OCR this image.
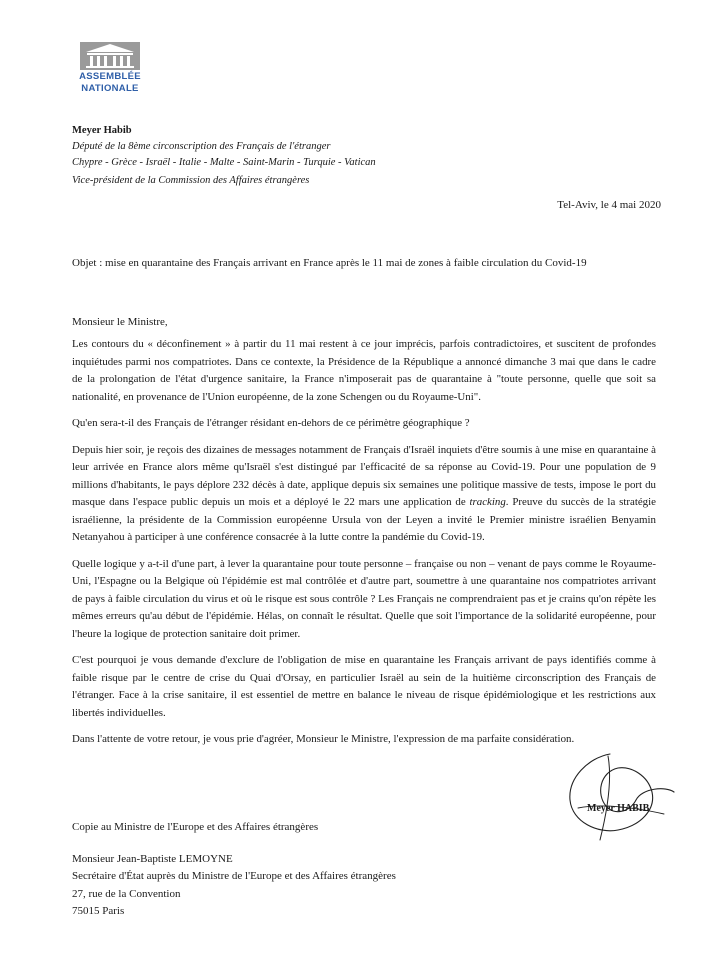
ASSEMBLÉE
NATIONALE
Meyer Habib
Député de la 8ème circonscription des Français de l'étranger
Chypre - Grèce - Israël - Italie - Malte - Saint-Marin - Turquie - Vatican
Vice-président de la Commission des Affaires étrangères
Tel-Aviv, le 4 mai 2020
Objet : mise en quarantaine des Français arrivant en France après le 11 mai de zones à faible circulation du Covid-19
Monsieur le Ministre,

Les contours du « déconfinement » à partir du 11 mai restent à ce jour imprécis, parfois contradictoires, et suscitent de profondes inquiétudes parmi nos compatriotes. Dans ce contexte, la Présidence de la République a annoncé dimanche 3 mai que dans le cadre de la prolongation de l'état d'urgence sanitaire, la France n'imposerait pas de quarantaine à "toute personne, quelle que soit sa nationalité, en provenance de l'Union européenne, de la zone Schengen ou du Royaume-Uni".

Qu'en sera-t-il des Français de l'étranger résidant en-dehors de ce périmètre géographique ?

Depuis hier soir, je reçois des dizaines de messages notamment de Français d'Israël inquiets d'être soumis à une mise en quarantaine à leur arrivée en France alors même qu'Israël s'est distingué par l'efficacité de sa réponse au Covid-19. Pour une population de 9 millions d'habitants, le pays déplore 232 décès à date, applique depuis six semaines une politique massive de tests, impose le port du masque dans l'espace public depuis un mois et a déployé le 22 mars une application de tracking. Preuve du succès de la stratégie israélienne, la présidente de la Commission européenne Ursula von der Leyen a invité le Premier ministre israélien Benyamin Netanyahou à participer à une conférence consacrée à la lutte contre la pandémie du Covid-19.

Quelle logique y a-t-il d'une part, à lever la quarantaine pour toute personne – française ou non – venant de pays comme le Royaume-Uni, l'Espagne ou la Belgique où l'épidémie est mal contrôlée et d'autre part, soumettre à une quarantaine nos compatriotes arrivant de pays à faible circulation du virus et où le risque est sous contrôle ? Les Français ne comprendraient pas et je crains qu'on répète les mêmes erreurs qu'au début de l'épidémie. Hélas, on connaît le résultat. Quelle que soit l'importance de la solidarité européenne, pour l'heure la logique de protection sanitaire doit primer.

C'est pourquoi je vous demande d'exclure de l'obligation de mise en quarantaine les Français arrivant de pays identifiés comme à faible risque par le centre de crise du Quai d'Orsay, en particulier Israël au sein de la huitième circonscription des Français de l'étranger. Face à la crise sanitaire, il est essentiel de mettre en balance le niveau de risque épidémiologique et les restrictions aux libertés individuelles.

Dans l'attente de votre retour, je vous prie d'agréer, Monsieur le Ministre, l'expression de ma parfaite considération.

Meyer HABIB
Copie au Ministre de l'Europe et des Affaires étrangères
Monsieur Jean-Baptiste LEMOYNE
Secrétaire d'État auprès du Ministre de l'Europe et des Affaires étrangères
27, rue de la Convention
75015 Paris
